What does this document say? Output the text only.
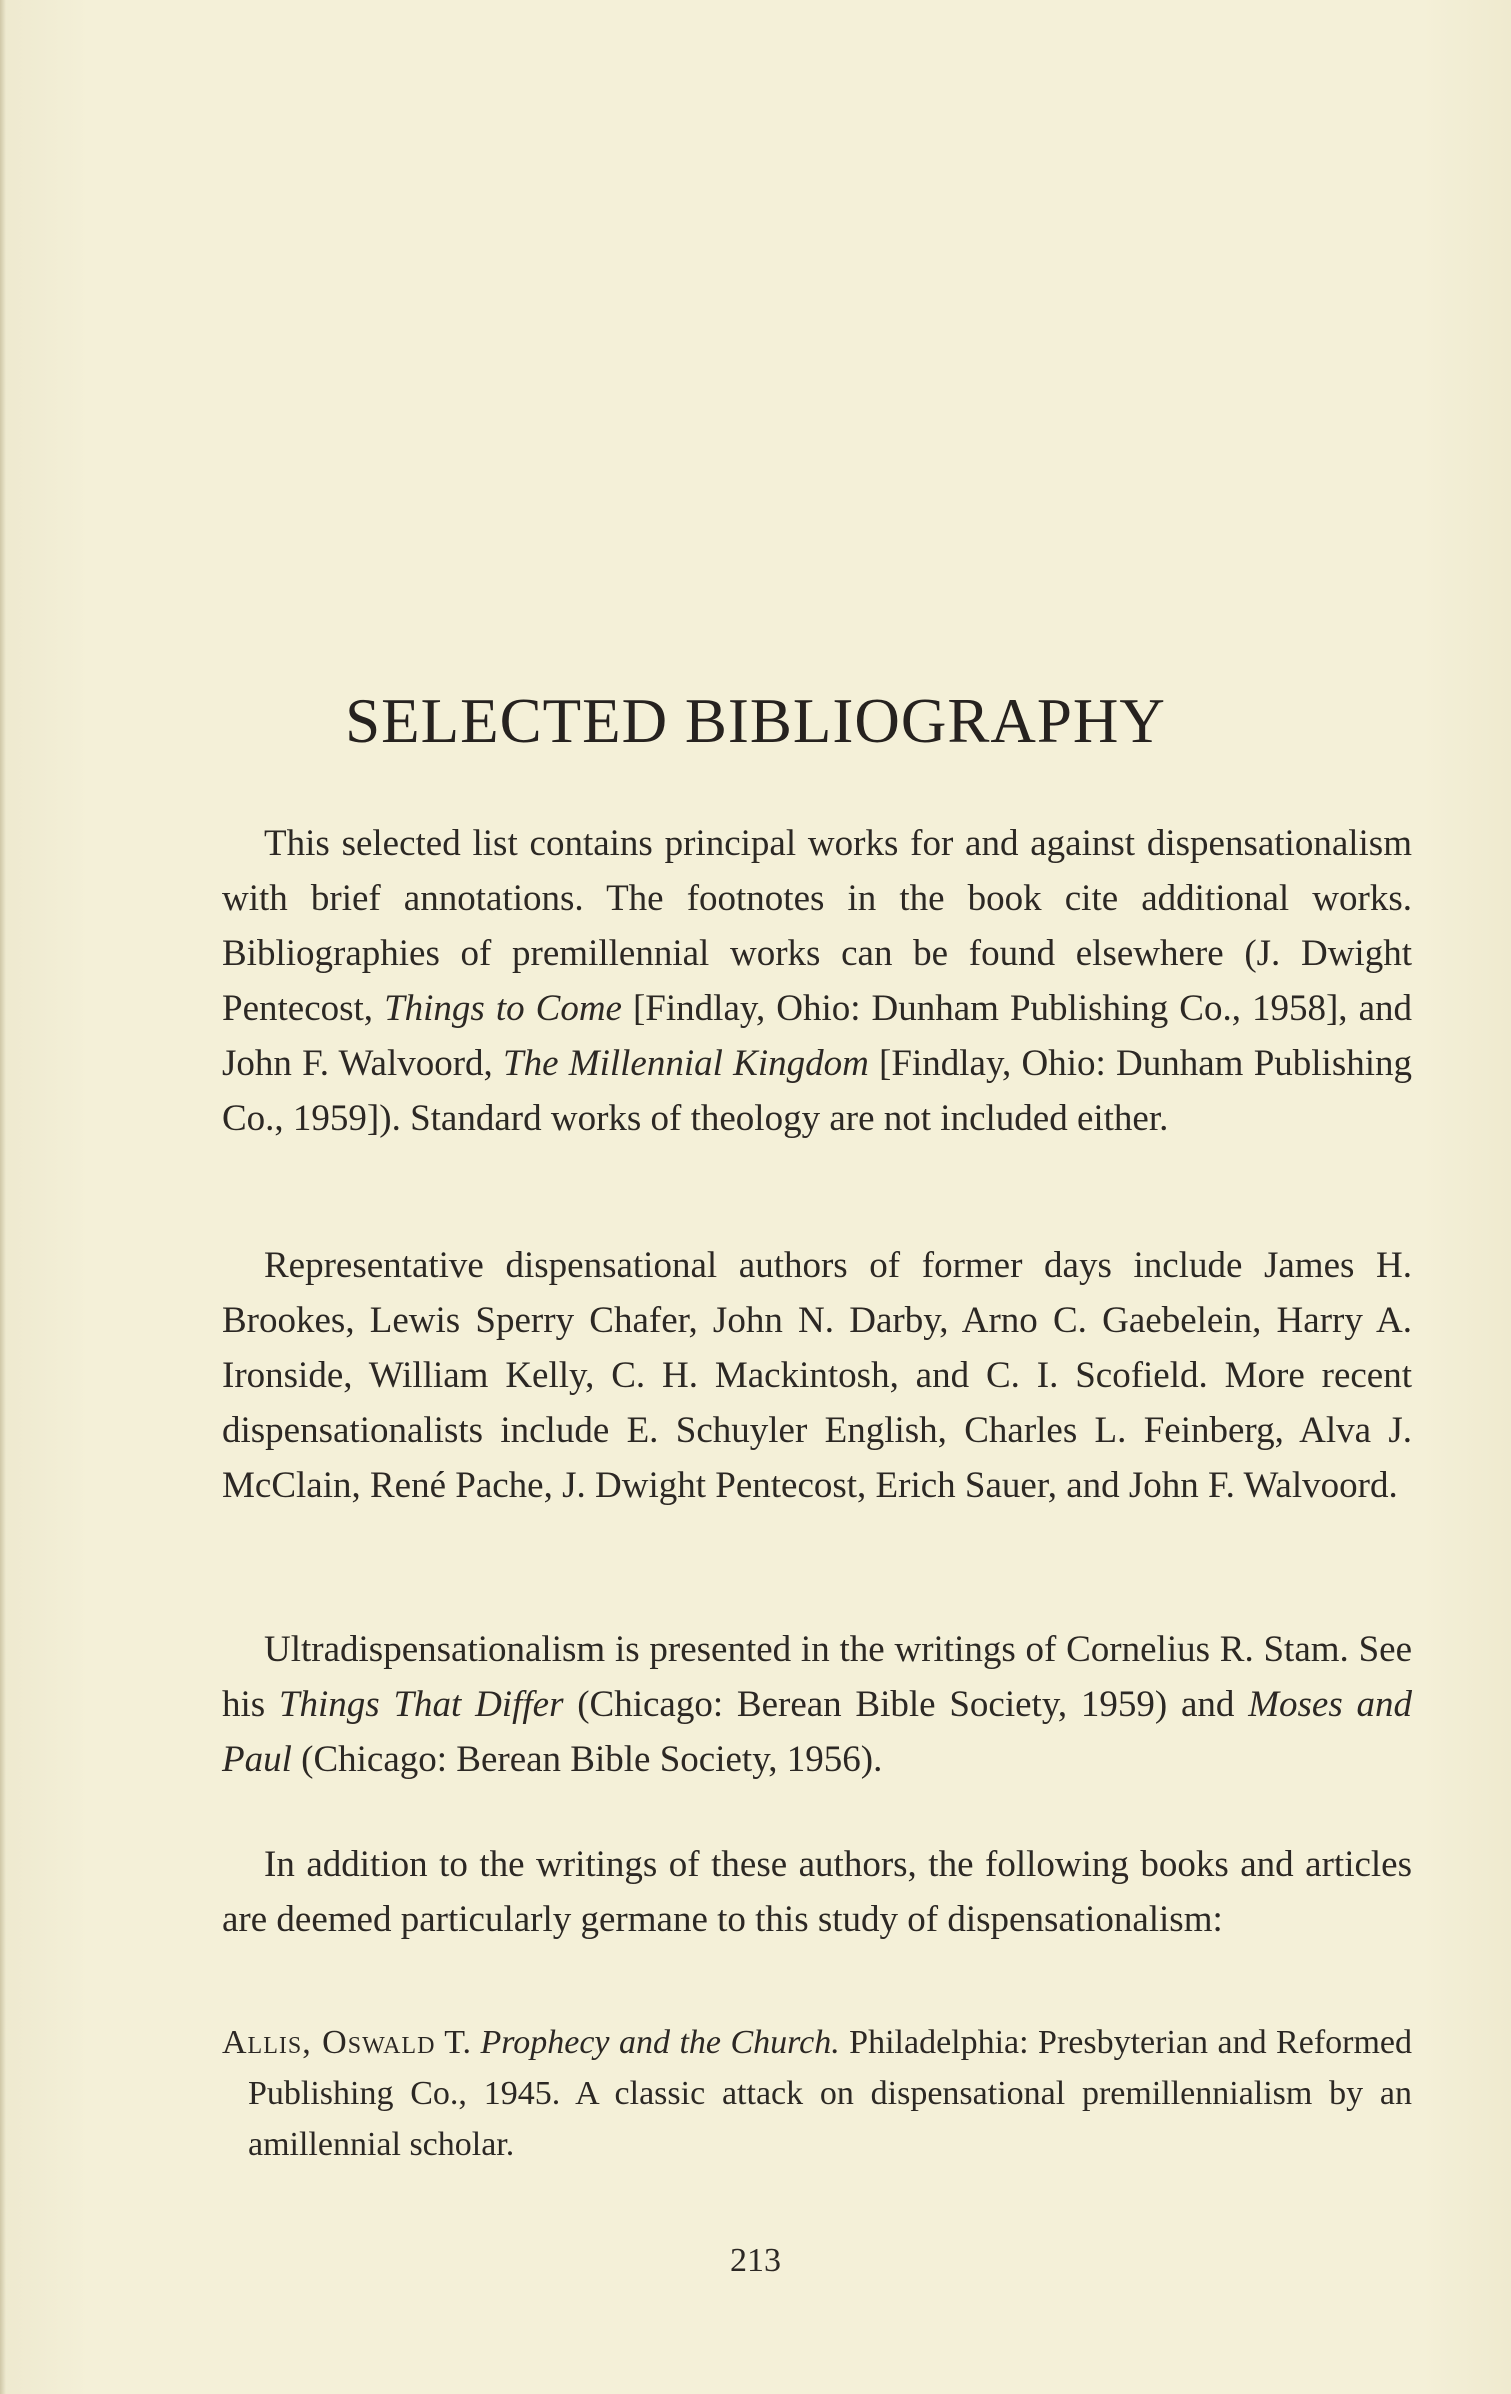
SELECTED BIBLIOGRAPHY

This selected list contains principal works for and against dispensationalism with brief annotations. The footnotes in the book cite additional works. Bibliographies of premillennial works can be found elsewhere (J. Dwight Pentecost, Things to Come [Findlay, Ohio: Dunham Publishing Co., 1958], and John F. Walvoord, The Millennial Kingdom [Findlay, Ohio: Dunham Publishing Co., 1959]). Standard works of theology are not included either.

Representative dispensational authors of former days include James H. Brookes, Lewis Sperry Chafer, John N. Darby, Arno C. Gaebelein, Harry A. Ironside, William Kelly, C. H. Mackintosh, and C. I. Scofield. More recent dispensationalists include E. Schuyler English, Charles L. Feinberg, Alva J. McClain, René Pache, J. Dwight Pentecost, Erich Sauer, and John F. Walvoord.

Ultradispensationalism is presented in the writings of Cornelius R. Stam. See his Things That Differ (Chicago: Berean Bible Society, 1959) and Moses and Paul (Chicago: Berean Bible Society, 1956).

In addition to the writings of these authors, the following books and articles are deemed particularly germane to this study of dispensationalism:

Allis, Oswald T. Prophecy and the Church. Philadelphia: Presbyterian and Reformed Publishing Co., 1945. A classic attack on dispensational premillennialism by an amillennial scholar.
213
